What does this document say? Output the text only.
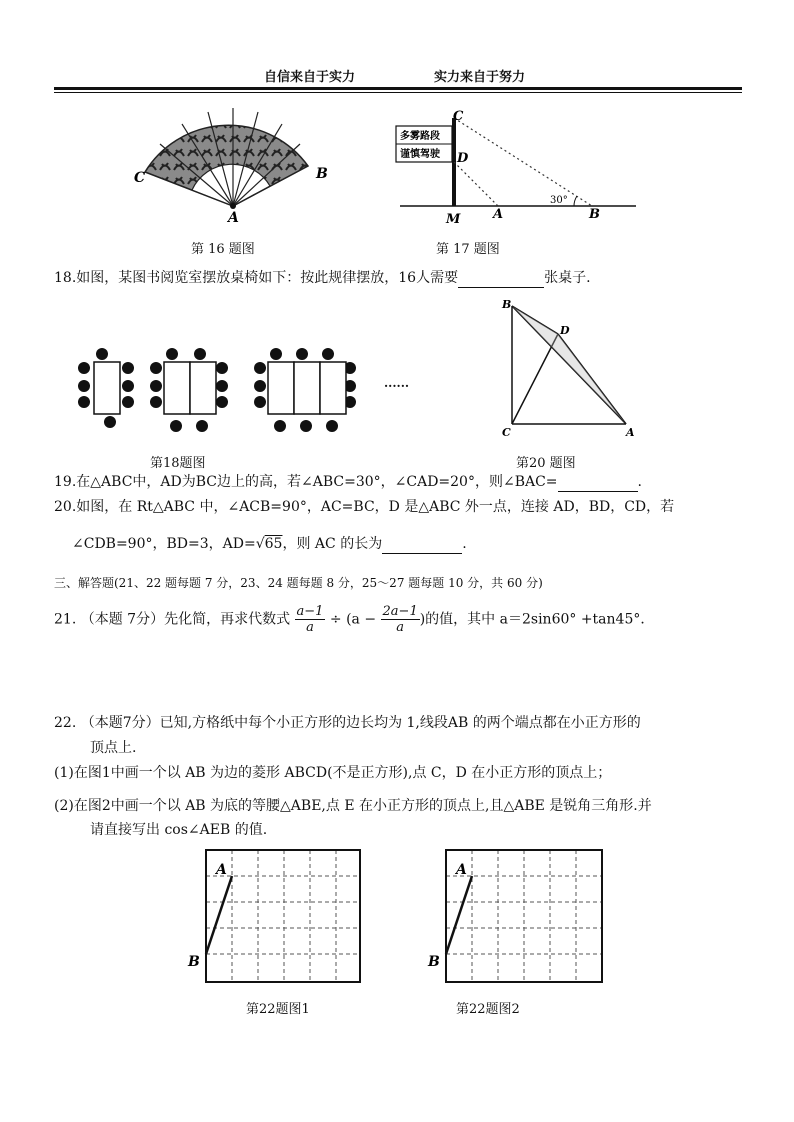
自信来自于实力	实力来自于努力
C	B
A
第 16 题图
多雾路段
谨慎驾驶
C
D
M	A	B
30°
第 17 题图
18.如图，某图书阅览室摆放桌椅如下：按此规律摆放，16人需要	张桌子.
......
第18题图
B
D
C	A
第20 题图
19.在△ABC中，AD为BC边上的高，若∠ABC=30°，∠CAD=20°，则∠BAC=	.
20.如图，在 Rt△ABC 中，∠ACB=90°，AC=BC，D 是△ABC 外一点，连接 AD，BD，CD，若
∠CDB=90°，BD=3，AD=√65，则 AC 的长为	.
三、解答题(21、22 题每题 7 分，23、24 题每题 8 分，25～27 题每题 10 分，共 60 分)
21. （本题 7分）先化简，再求代数式 $\frac{a-1}{a} \div (a - \frac{2a-1}{a}$ )的值，其中 a＝2sin60° +tan45°．
22. （本题7分）已知,方格纸中每个小正方形的边长均为 1,线段AB 的两个端点都在小正方形的
顶点上.
(1)在图1中画一个以 AB 为边的菱形 ABCD(不是正方形),点 C，D 在小正方形的顶点上；
(2)在图2中画一个以 AB 为底的等腰△ABE,点 E 在小正方形的顶点上,且△ABE 是锐角三角形.并
请直接写出 cos∠AEB 的值.
A
B
第22题图1
A
B
第22题图2
